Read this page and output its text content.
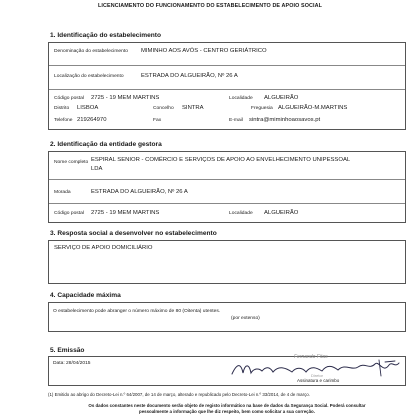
LICENCIAMENTO DO FUNCIONAMENTO DO ESTABELECIMENTO DE APOIO SOCIAL
1. Identificação do estabelecimento
Denominação do estabelecimento MIMINHO AOS AVÓS - CENTRO GERIÁTRICO
Localização do estabelecimento	ESTRADA DO ALGUEIRÃO, Nº 26 A
Código postal 2725 - 19 MEM MARTINS	Localidade ALGUEIRÃO
Distrito LISBOA	Concelho SINTRA	Freguesia ALGUEIRÃO-M.MARTINS
Telefone 219264970	Fax	E-mail sintra@miminhoaosavos.pt
2. Identificação da entidade gestora
Nome completo ESPIRAL SENIOR - COMÉRCIO E SERVIÇOS DE APOIO AO ENVELHECIMENTO UNIPESSOAL
LDA
Morada	ESTRADA DO ALGUEIRÃO, Nº 26 A
Código postal 2725 - 19 MEM MARTINS	Localidade ALGUEIRÃO
3. Resposta social a desenvolver no estabelecimento
SERVIÇO DE APOIO DOMICILIÁRIO
4. Capacidade máxima
O estabelecimento pode abranger o número máximo de 80 (Oitenta) utentes.
(por extenso)
5. Emissão
Data: 28/04/2015
Fernando Fitas
Diretor
Assinatura e carimbo
(1) Emitido ao abrigo do Decreto-Lei n.º 64/2007, de 14 de março, alterado e republicado pelo Decreto-Lei n.º 33/2014, de 4 de março.
Os dados constantes neste documento serão objeto de registo informático na base de dados da Segurança Social. Poderá consultar
pessoalmente a informação que lhe diz respeito, bem como solicitar a sua correção.
